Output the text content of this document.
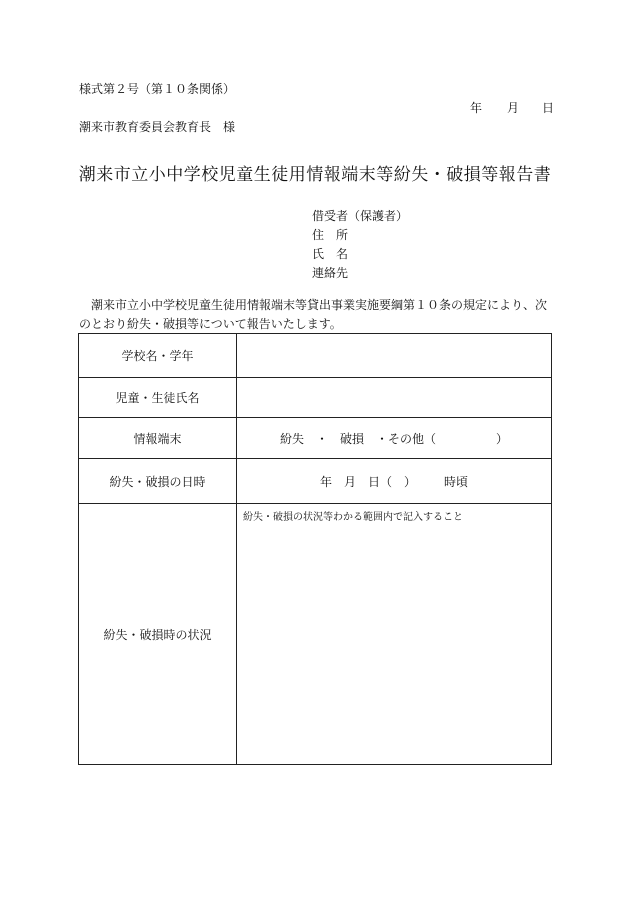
様式第２号（第１０条関係）
年 月 日
潮来市教育委員会教育長　様
潮来市立小中学校児童生徒用情報端末等紛失・破損等報告書
借受者（保護者）
住　所
氏　名
連絡先
潮来市立小中学校児童生徒用情報端末等貸出事業実施要綱第１０条の規定により、次のとおり紛失・破損等について報告いたします。
学校名・学年	
児童・生徒氏名	
情報端末	紛失 ・ 破損 ・その他（ ）
紛失・破損の日時	年 月 日（ ） 時頃
紛失・破損時の状況	紛失・破損の状況等わかる範囲内で記入すること
